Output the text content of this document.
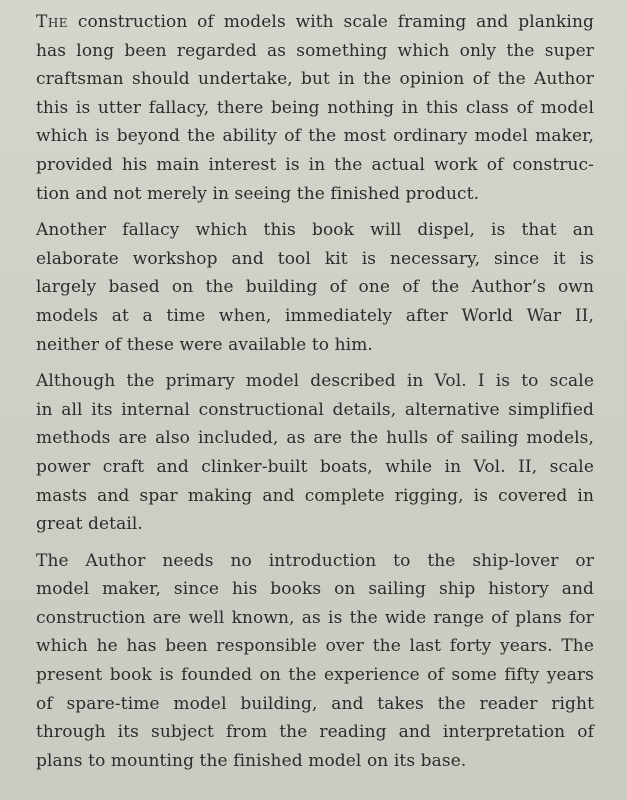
The construction of models with scale framing and planking
has long been regarded as something which only the super
craftsman should undertake, but in the opinion of the Author
this is utter fallacy, there being nothing in this class of model
which is beyond the ability of the most ordinary model maker,
provided his main interest is in the actual work of construc-
tion and not merely in seeing the finished product.

Another fallacy which this book will dispel, is that an
elaborate workshop and tool kit is necessary, since it is
largely based on the building of one of the Author’s own
models at a time when, immediately after World War II,
neither of these were available to him.

Although the primary model described in Vol. I is to scale
in all its internal constructional details, alternative simplified
methods are also included, as are the hulls of sailing models,
power craft and clinker-built boats, while in Vol. II, scale
masts and spar making and complete rigging, is covered in
great detail.

The Author needs no introduction to the ship-lover or
model maker, since his books on sailing ship history and
construction are well known, as is the wide range of plans for
which he has been responsible over the last forty years. The
present book is founded on the experience of some fifty years
of spare-time model building, and takes the reader right
through its subject from the reading and interpretation of
plans to mounting the finished model on its base.
